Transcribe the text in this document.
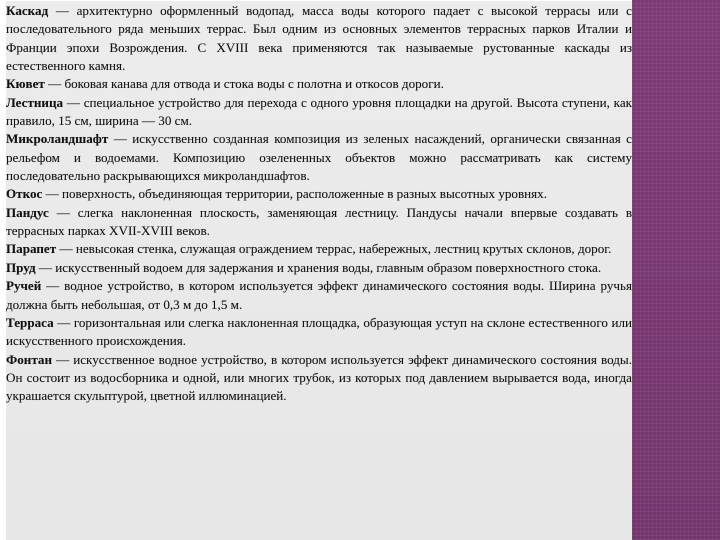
Каскад — архитектурно оформленный водопад, масса воды которого падает с высокой террасы или с последовательного ряда меньших террас. Был одним из основных элементов террасных парков Италии и Франции эпохи Возрождения. С XVIII века применяются так называемые рустованные каскады из естественного камня.

Кювет — боковая канава для отвода и стока воды с полотна и откосов дороги.

Лестница — специальное устройство для перехода с одного уровня площадки на другой. Высота ступени, как правило, 15 см, ширина — 30 см.

Микроландшафт — искусственно созданная композиция из зеленых насаждений, органически связанная с рельефом и водоемами. Композицию озелененных объектов можно рассматривать как систему последовательно раскрывающихся микроландшафтов.

Откос — поверхность, объединяющая территории, расположенные в разных высотных уровнях.

Пандус — слегка наклоненная плоскость, заменяющая лестницу. Пандусы начали впервые создавать в террасных парках XVII-XVIII веков.

Парапет — невысокая стенка, служащая ограждением террас, набережных, лестниц крутых склонов, дорог.

Пруд — искусственный водоем для задержания и хранения воды, главным образом поверхностного стока.

Ручей — водное устройство, в котором используется эффект динамического состояния воды. Ширина ручья должна быть небольшая, от 0,3 м до 1,5 м.

Терраса — горизонтальная или слегка наклоненная площадка, образующая уступ на склоне естественного или искусственного происхождения.

Фонтан — искусственное водное устройство, в котором используется эффект динамического состояния воды. Он состоит из водосборника и одной, или многих трубок, из которых под давлением вырывается вода, иногда украшается скульптурой, цветной иллюминацией.
